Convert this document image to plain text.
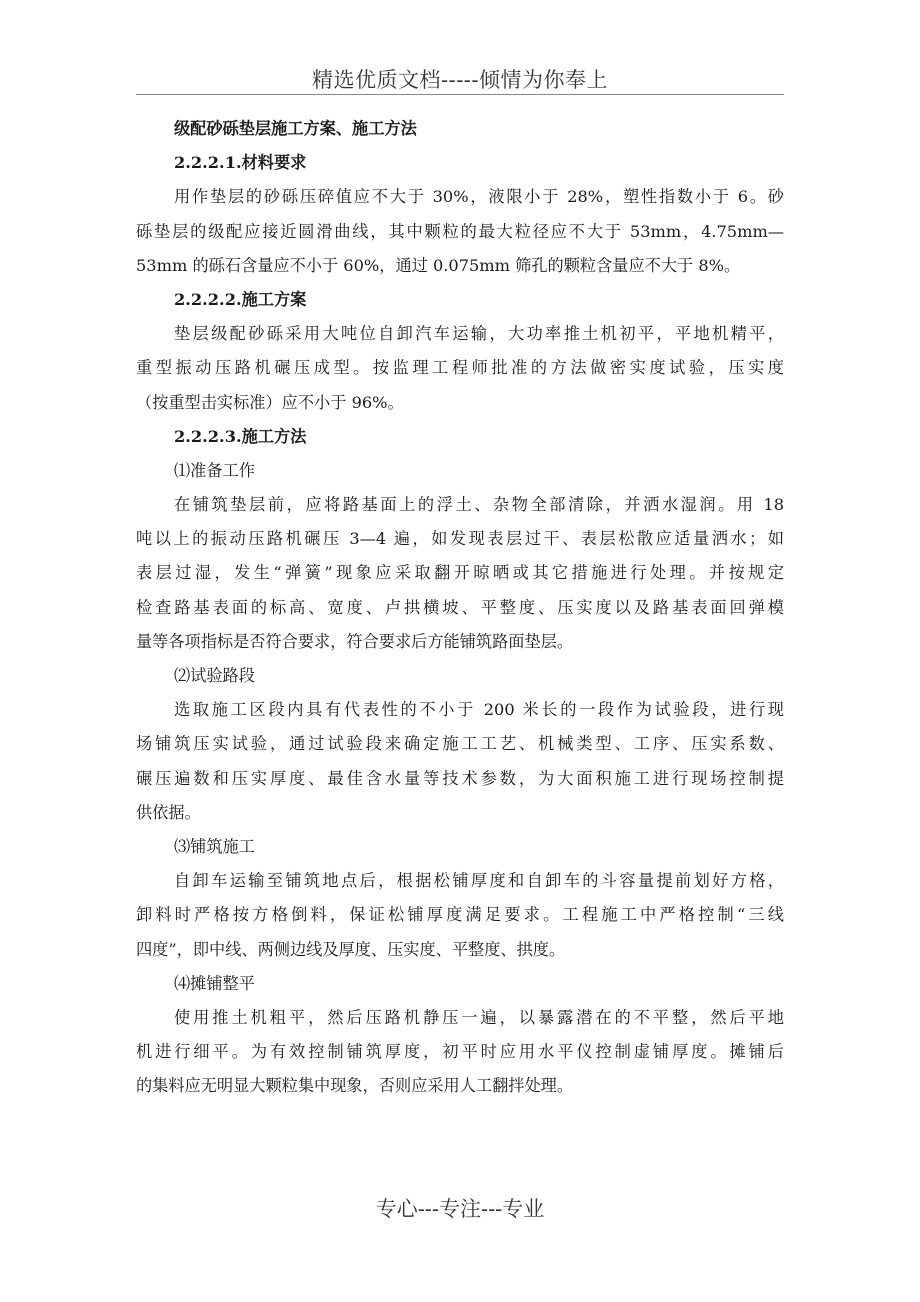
精选优质文档-----倾情为你奉上
级配砂砾垫层施工方案、施工方法
2.2.2.1.材料要求
用作垫层的砂砾压碎值应不大于 30%，液限小于 28%，塑性指数小于 6。砂
砾垫层的级配应接近圆滑曲线，其中颗粒的最大粒径应不大于 53mm，4.75mm—
53mm 的砾石含量应不小于 60%，通过 0.075mm 筛孔的颗粒含量应不大于 8%。
2.2.2.2.施工方案
垫层级配砂砾采用大吨位自卸汽车运输，大功率推土机初平，平地机精平，
重型振动压路机碾压成型。按监理工程师批准的方法做密实度试验，压实度
（按重型击实标准）应不小于 96%。
2.2.2.3.施工方法
⑴准备工作
在铺筑垫层前，应将路基面上的浮土、杂物全部清除，并洒水湿润。用 18
吨以上的振动压路机碾压 3—4 遍，如发现表层过干、表层松散应适量洒水；如
表层过湿，发生“弹簧”现象应采取翻开晾晒或其它措施进行处理。并按规定
检查路基表面的标高、宽度、卢拱横坡、平整度、压实度以及路基表面回弹模
量等各项指标是否符合要求，符合要求后方能铺筑路面垫层。
⑵试验路段
选取施工区段内具有代表性的不小于 200 米长的一段作为试验段，进行现
场铺筑压实试验，通过试验段来确定施工工艺、机械类型、工序、压实系数、
碾压遍数和压实厚度、最佳含水量等技术参数，为大面积施工进行现场控制提
供依据。
⑶铺筑施工
自卸车运输至铺筑地点后，根据松铺厚度和自卸车的斗容量提前划好方格，
卸料时严格按方格倒料，保证松铺厚度满足要求。工程施工中严格控制“三线
四度”，即中线、两侧边线及厚度、压实度、平整度、拱度。
⑷摊铺整平
使用推土机粗平，然后压路机静压一遍，以暴露潜在的不平整，然后平地
机进行细平。为有效控制铺筑厚度，初平时应用水平仪控制虚铺厚度。摊铺后
的集料应无明显大颗粒集中现象，否则应采用人工翻拌处理。
专心---专注---专业
